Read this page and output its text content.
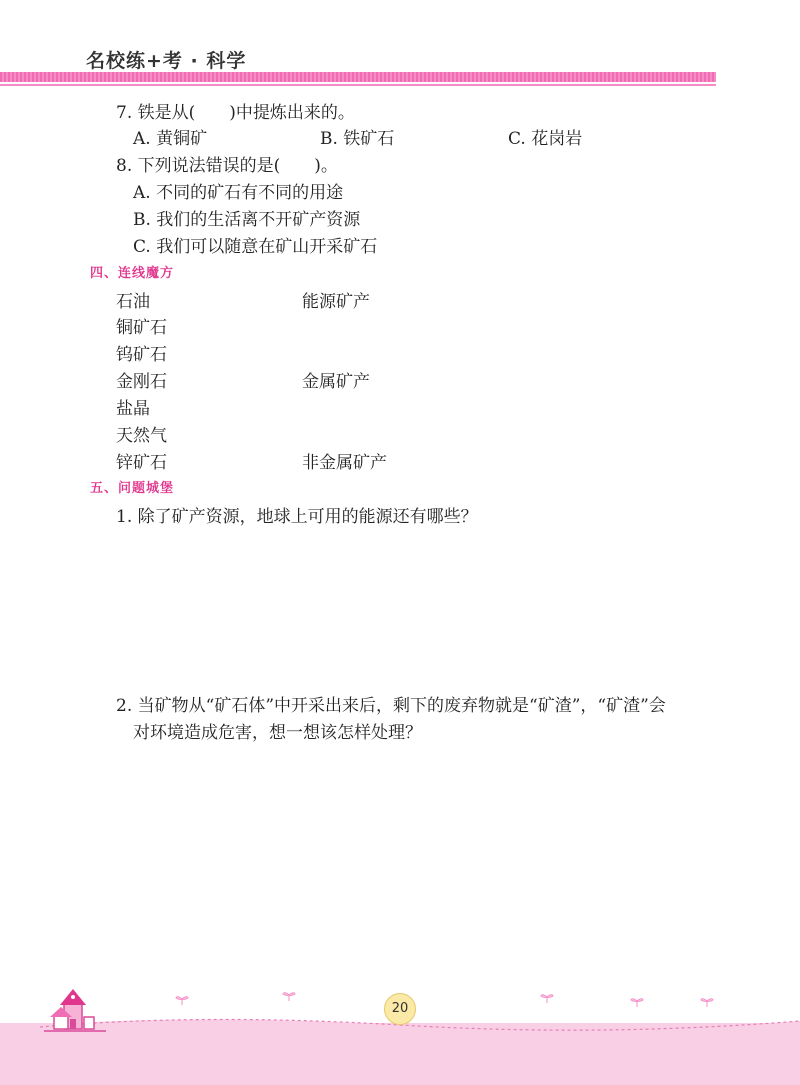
名校练+考 · 科学
7. 铁是从(　　)中提炼出来的。
A. 黄铜矿	B. 铁矿石	C. 花岗岩
8. 下列说法错误的是(　　)。
A. 不同的矿石有不同的用途
B. 我们的生活离不开矿产资源
C. 我们可以随意在矿山开采矿石
四、连线魔方
石油
铜矿石
钨矿石
金刚石
盐晶
天然气
锌矿石
能源矿产
金属矿产
非金属矿产
五、问题城堡
1. 除了矿产资源，地球上可用的能源还有哪些？
2. 当矿物从“矿石体”中开采出来后，剩下的废弃物就是“矿渣”，“矿渣”会
对环境造成危害，想一想该怎样处理？
20
